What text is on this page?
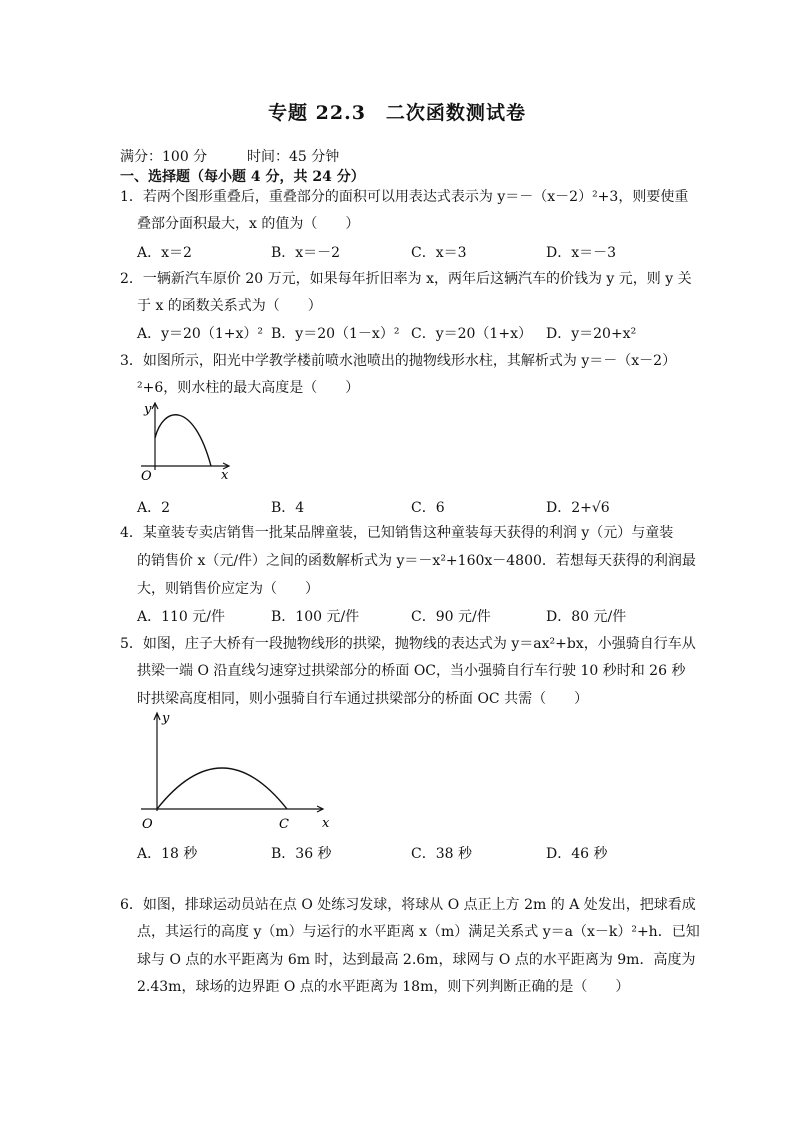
专题 22.3　二次函数测试卷
满分：100 分	时间：45 分钟
一、选择题（每小题 4 分，共 24 分）
1．若两个图形重叠后，重叠部分的面积可以用表达式表示为 y＝－（x－2）²+3，则要使重
叠部分面积最大，x 的值为（　　）
A．x＝2	B．x＝－2	C．x＝3	D．x＝－3
2．一辆新汽车原价 20 万元，如果每年折旧率为 x，两年后这辆汽车的价钱为 y 元，则 y 关
于 x 的函数关系式为（　　）
A．y＝20（1+x）² B．y＝20（1－x）² C．y＝20（1+x） D．y＝20+x²
3．如图所示，阳光中学教学楼前喷水池喷出的抛物线形水柱，其解析式为 y＝－（x－2）
²+6，则水柱的最大高度是（　　）
y
x
O
A．2	B．4	C．6	D．2+√6
4．某童装专卖店销售一批某品牌童装，已知销售这种童装每天获得的利润 y（元）与童装
的销售价 x（元/件）之间的函数解析式为 y＝－x²+160x－4800．若想每天获得的利润最
大，则销售价应定为（　　）
A．110 元/件	B．100 元/件	C．90 元/件	D．80 元/件
5．如图，庄子大桥有一段抛物线形的拱梁，抛物线的表达式为 y＝ax²+bx，小强骑自行车从
拱梁一端 O 沿直线匀速穿过拱梁部分的桥面 OC，当小强骑自行车行驶 10 秒时和 26 秒
时拱梁高度相同，则小强骑自行车通过拱梁部分的桥面 OC 共需（　　）
y
x
O	C
A．18 秒	B．36 秒	C．38 秒	D．46 秒
6．如图，排球运动员站在点 O 处练习发球，将球从 O 点正上方 2m 的 A 处发出，把球看成
点，其运行的高度 y（m）与运行的水平距离 x（m）满足关系式 y＝a（x－k）²+h．已知
球与 O 点的水平距离为 6m 时，达到最高 2.6m，球网与 O 点的水平距离为 9m．高度为
2.43m，球场的边界距 O 点的水平距离为 18m，则下列判断正确的是（　　）
